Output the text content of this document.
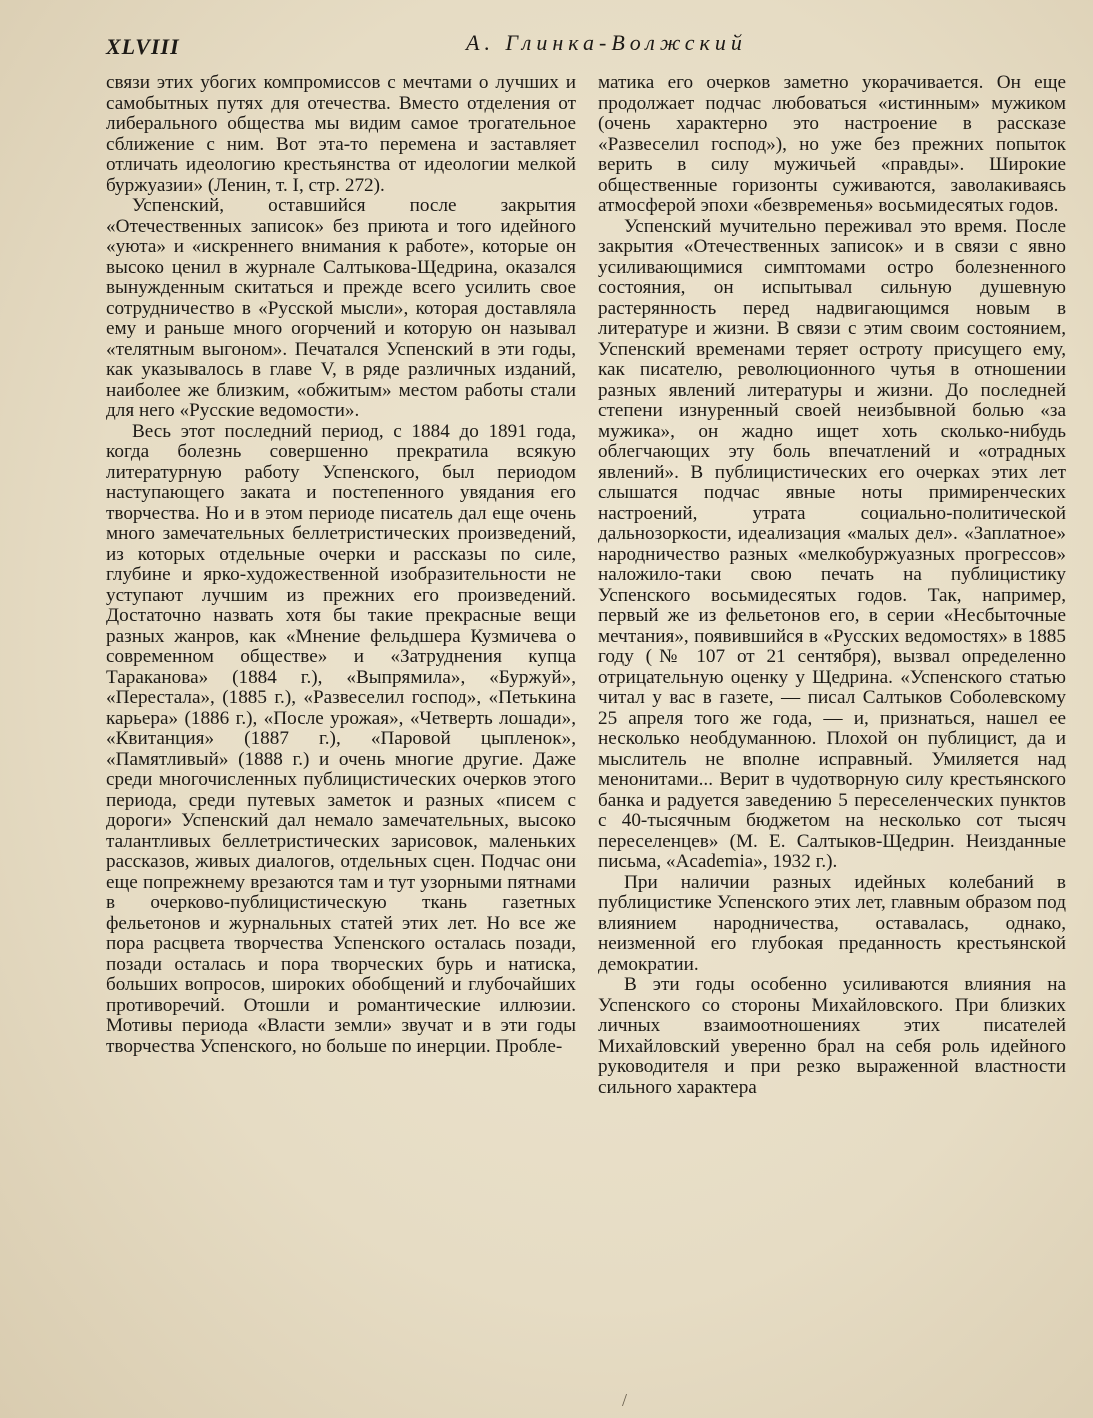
XLVIII	А. Глинка-Волжский

связи этих убогих компромиссов с мечтами о лучших и самобытных путях для отечества. Вместо отделения от либерального общества мы видим самое трогательное сближение с ним. Вот эта-то перемена и заставляет отличать идеологию крестьянства от идеологии мелкой буржуазии» (Ленин, т. I, стр. 272).

Успенский, оставшийся после закрытия «Отечественных записок» без приюта и того идейного «уюта» и «искреннего внимания к работе», которые он высоко ценил в журнале Салтыкова-Щедрина, оказался вынужденным скитаться и прежде всего усилить свое сотрудничество в «Русской мысли», которая доставляла ему и раньше много огорчений и которую он называл «телятным выгоном». Печатался Успенский в эти годы, как указывалось в главе V, в ряде различных изданий, наиболее же близким, «обжитым» местом работы стали для него «Русские ведомости».

Весь этот последний период, с 1884 до 1891 года, когда болезнь совершенно прекратила всякую литературную работу Успенского, был периодом наступающего заката и постепенного увядания его творчества. Но и в этом периоде писатель дал еще очень много замечательных беллетристических произведений, из которых отдельные очерки и рассказы по силе, глубине и ярко-художественной изобразительности не уступают лучшим из прежних его произведений. Достаточно назвать хотя бы такие прекрасные вещи разных жанров, как «Мнение фельдшера Кузмичева о современном обществе» и «Затруднения купца Тараканова» (1884 г.), «Выпрямила», «Буржуй», «Перестала», (1885 г.), «Развеселил господ», «Петькина карьера» (1886 г.), «После урожая», «Четверть лошади», «Квитанция» (1887 г.), «Паровой цыпленок», «Памятливый» (1888 г.) и очень многие другие. Даже среди многочисленных публицистических очерков этого периода, среди путевых заметок и разных «писем с дороги» Успенский дал немало замечательных, высоко талантливых беллетристических зарисовок, маленьких рассказов, живых диалогов, отдельных сцен. Подчас они еще попрежнему врезаются там и тут узорными пятнами в очерково-публицистическую ткань газетных фельетонов и журнальных статей этих лет. Но все же пора расцвета творчества Успенского осталась позади, позади осталась и пора творческих бурь и натиска, больших вопросов, широких обобщений и глубочайших противоречий. Отошли и романтические иллюзии. Мотивы периода «Власти земли» звучат и в эти годы творчества Успенского, но больше по инерции. Пробле-

матика его очерков заметно укорачивается. Он еще продолжает подчас любоваться «истинным» мужиком (очень характерно это настроение в рассказе «Развеселил господ»), но уже без прежних попыток верить в силу мужичьей «правды». Широкие общественные горизонты суживаются, заволакиваясь атмосферой эпохи «безвременья» восьмидесятых годов.

Успенский мучительно переживал это время. После закрытия «Отечественных записок» и в связи с явно усиливающимися симптомами остро болезненного состояния, он испытывал сильную душевную растерянность перед надвигающимся новым в литературе и жизни. В связи с этим своим состоянием, Успенский временами теряет остроту присущего ему, как писателю, революционного чутья в отношении разных явлений литературы и жизни. До последней степени изнуренный своей неизбывной болью «за мужика», он жадно ищет хоть сколько-нибудь облегчающих эту боль впечатлений и «отрадных явлений». В публицистических его очерках этих лет слышатся подчас явные ноты примиренческих настроений, утрата социально-политической дальнозоркости, идеализация «малых дел». «Заплатное» народничество разных «мелкобуржуазных прогрессов» наложило-таки свою печать на публицистику Успенского восьмидесятых годов. Так, например, первый же из фельетонов его, в серии «Несбыточные мечтания», появившийся в «Русских ведомостях» в 1885 году (№ 107 от 21 сентября), вызвал определенно отрицательную оценку у Щедрина. «Успенского статью читал у вас в газете, — писал Салтыков Соболевскому 25 апреля того же года, — и, признаться, нашел ее несколько необдуманною. Плохой он публицист, да и мыслитель не вполне исправный. Умиляется над менонитами... Верит в чудотворную силу крестьянского банка и радуется заведению 5 переселенческих пунктов с 40-тысячным бюджетом на несколько сот тысяч переселенцев» (М. Е. Салтыков-Щедрин. Неизданные письма, «Academia», 1932 г.).

При наличии разных идейных колебаний в публицистике Успенского этих лет, главным образом под влиянием народничества, оставалась, однако, неизменной его глубокая преданность крестьянской демократии.

В эти годы особенно усиливаются влияния на Успенского со стороны Михайловского. При близких личных взаимоотношениях этих писателей Михайловский уверенно брал на себя роль идейного руководителя и при резко выраженной властности сильного характера

/
